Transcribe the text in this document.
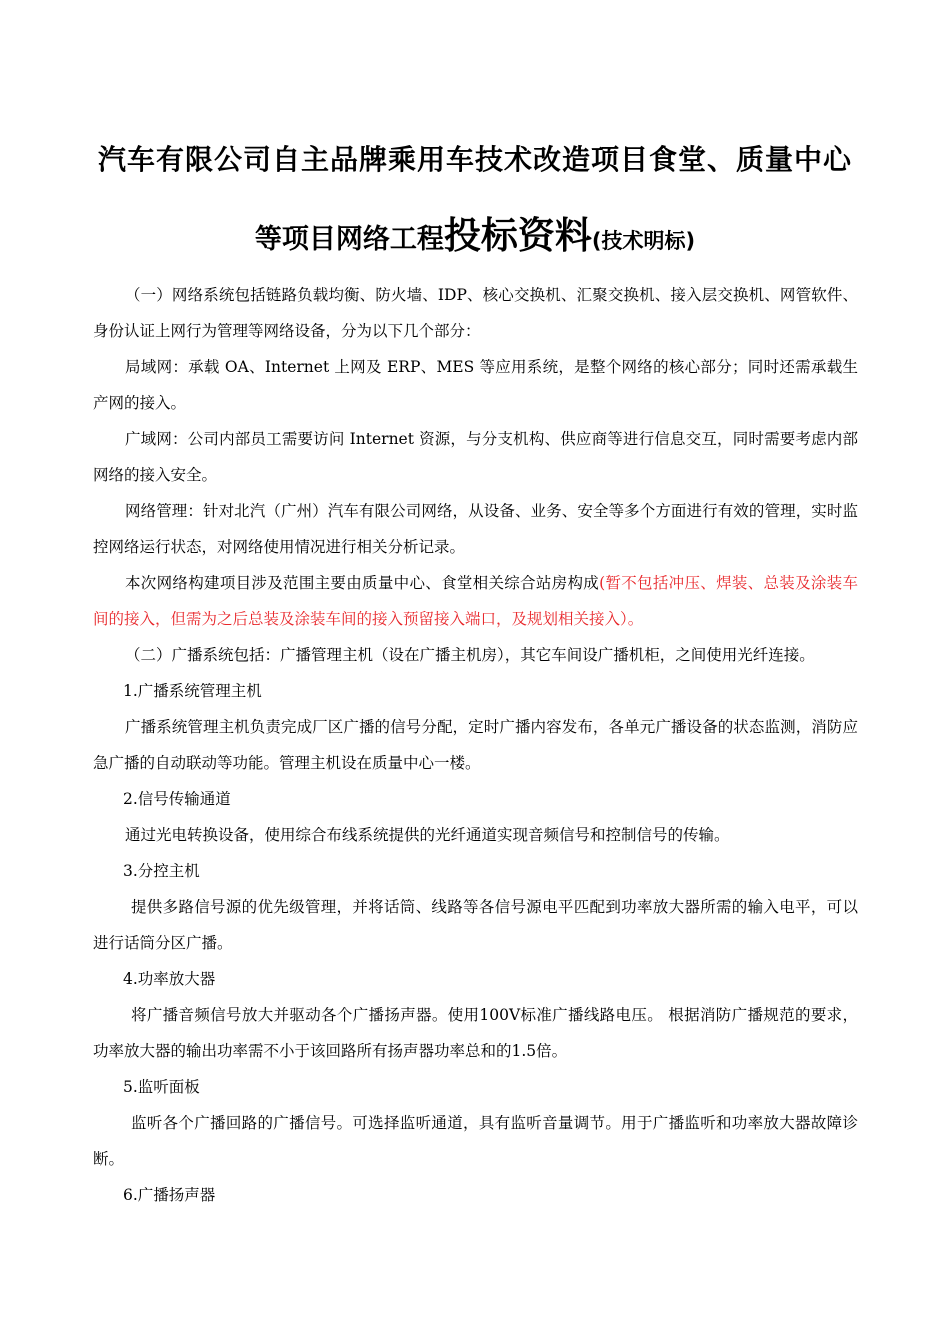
汽车有限公司自主品牌乘用车技术改造项目食堂、质量中心
等项目网络工程投标资料(技术明标)

（一）网络系统包括链路负载均衡、防火墙、IDP、核心交换机、汇聚交换机、接入层交换机、网管软件、身份认证上网行为管理等网络设备，分为以下几个部分：

局域网：承载 OA、Internet 上网及 ERP、MES 等应用系统，是整个网络的核心部分；同时还需承载生产网的接入。

广域网：公司内部员工需要访问 Internet 资源，与分支机构、供应商等进行信息交互，同时需要考虑内部网络的接入安全。

网络管理：针对北汽（广州）汽车有限公司网络，从设备、业务、安全等多个方面进行有效的管理，实时监控网络运行状态，对网络使用情况进行相关分析记录。

本次网络构建项目涉及范围主要由质量中心、食堂相关综合站房构成(暂不包括冲压、焊装、总装及涂装车间的接入，但需为之后总装及涂装车间的接入预留接入端口，及规划相关接入）。

（二）广播系统包括：广播管理主机（设在广播主机房），其它车间设广播机柜，之间使用光纤连接。

1.广播系统管理主机

广播系统管理主机负责完成厂区广播的信号分配，定时广播内容发布，各单元广播设备的状态监测，消防应急广播的自动联动等功能。管理主机设在质量中心一楼。

2.信号传输通道

通过光电转换设备，使用综合布线系统提供的光纤通道实现音频信号和控制信号的传输。

3.分控主机

提供多路信号源的优先级管理，并将话筒、线路等各信号源电平匹配到功率放大器所需的输入电平，可以进行话筒分区广播。

4.功率放大器

将广播音频信号放大并驱动各个广播扬声器。使用100V标准广播线路电压。 根据消防广播规范的要求，功率放大器的输出功率需不小于该回路所有扬声器功率总和的1.5倍。

5.监听面板

监听各个广播回路的广播信号。可选择监听通道，具有监听音量调节。用于广播监听和功率放大器故障诊断。

6.广播扬声器
